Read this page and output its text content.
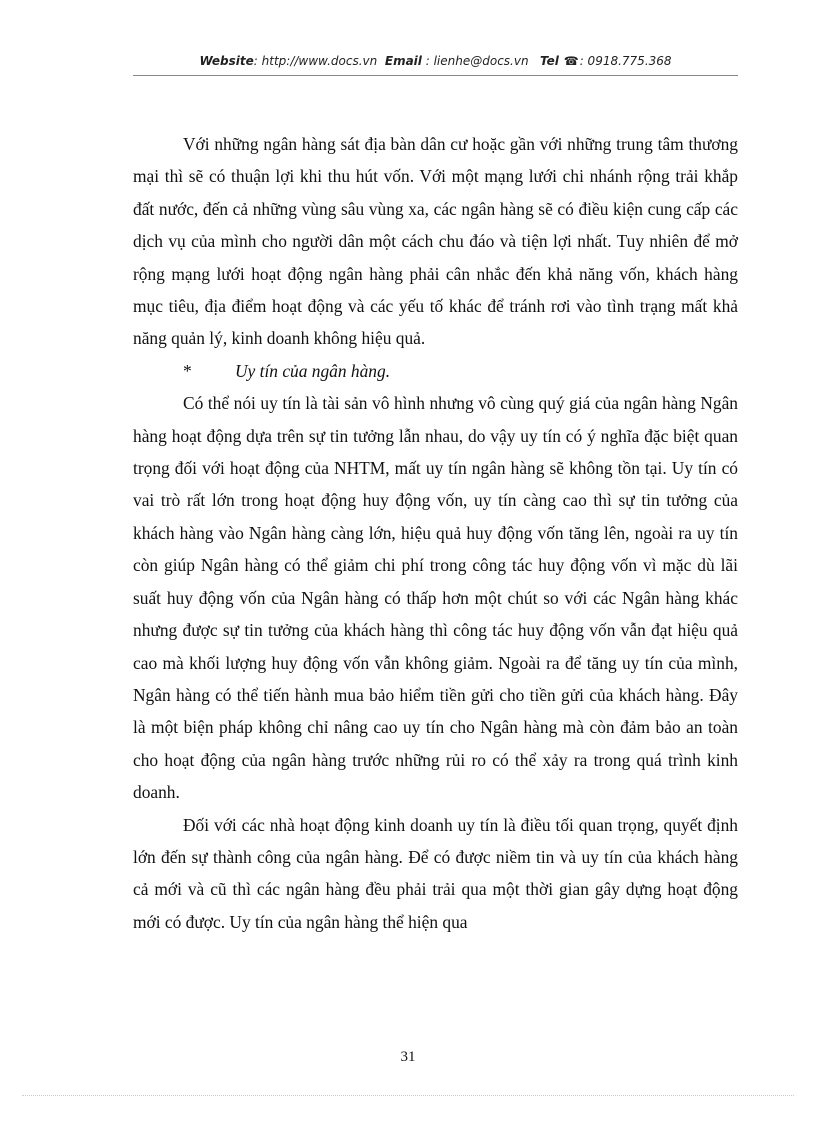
Website: http://www.docs.vn Email : lienhe@docs.vn Tel ☎: 0918.775.368

Với những ngân hàng sát địa bàn dân cư hoặc gần với những trung tâm thương mại thì sẽ có thuận lợi khi thu hút vốn. Với một mạng lưới chi nhánh rộng trải khắp đất nước, đến cả những vùng sâu vùng xa, các ngân hàng sẽ có điều kiện cung cấp các dịch vụ của mình cho người dân một cách chu đáo và tiện lợi nhất. Tuy nhiên để mở rộng mạng lưới hoạt động ngân hàng phải cân nhắc đến khả năng vốn, khách hàng mục tiêu, địa điểm hoạt động và các yếu tố khác để tránh rơi vào tình trạng mất khả năng quản lý, kinh doanh không hiệu quả.

* Uy tín của ngân hàng.

Có thể nói uy tín là tài sản vô hình nhưng vô cùng quý giá của ngân hàng Ngân hàng hoạt động dựa trên sự tin tưởng lẫn nhau, do vậy uy tín có ý nghĩa đặc biệt quan trọng đối với hoạt động của NHTM, mất uy tín ngân hàng sẽ không tồn tại. Uy tín có vai trò rất lớn trong hoạt động huy động vốn, uy tín càng cao thì sự tin tưởng của khách hàng vào Ngân hàng càng lớn, hiệu quả huy động vốn tăng lên, ngoài ra uy tín còn giúp Ngân hàng có thể giảm chi phí trong công tác huy động vốn vì mặc dù lãi suất huy động vốn của Ngân hàng có thấp hơn một chút so với các Ngân hàng khác nhưng được sự tin tưởng của khách hàng thì công tác huy động vốn vẫn đạt hiệu quả cao mà khối lượng huy động vốn vẫn không giảm. Ngoài ra để tăng uy tín của mình, Ngân hàng có thể tiến hành mua bảo hiểm tiền gửi cho tiền gửi của khách hàng. Đây là một biện pháp không chỉ nâng cao uy tín cho Ngân hàng mà còn đảm bảo an toàn cho hoạt động của ngân hàng trước những rủi ro có thể xảy ra trong quá trình kinh doanh.

Đối với các nhà hoạt động kinh doanh uy tín là điều tối quan trọng, quyết định lớn đến sự thành công của ngân hàng. Để có được niềm tin và uy tín của khách hàng cả mới và cũ thì các ngân hàng đều phải trải qua một thời gian gây dựng hoạt động mới có được. Uy tín của ngân hàng thể hiện qua

31
